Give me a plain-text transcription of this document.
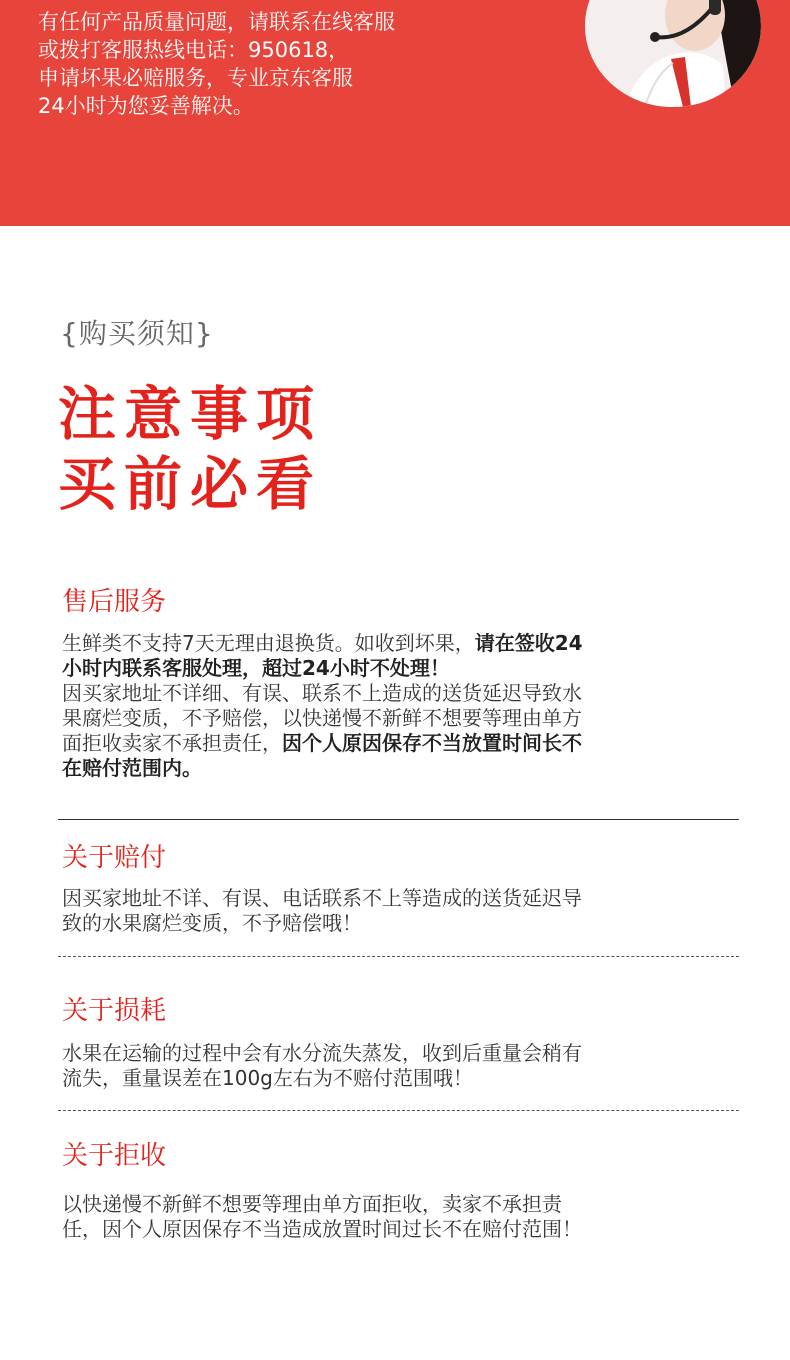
有任何产品质量问题，请联系在线客服
或拨打客服热线电话：950618，
申请坏果必赔服务，专业京东客服
24小时为您妥善解决。
{购买须知}
注意事项
买前必看
售后服务
生鲜类不支持7天无理由退换货。如收到坏果，请在签收24
小时内联系客服处理，超过24小时不处理！
因买家地址不详细、有误、联系不上造成的送货延迟导致水
果腐烂变质，不予赔偿，以快递慢不新鲜不想要等理由单方
面拒收卖家不承担责任，因个人原因保存不当放置时间长不
在赔付范围内。
关于赔付
因买家地址不详、有误、电话联系不上等造成的送货延迟导
致的水果腐烂变质，不予赔偿哦！
关于损耗
水果在运输的过程中会有水分流失蒸发，收到后重量会稍有
流失，重量误差在100g左右为不赔付范围哦！
关于拒收
以快递慢不新鲜不想要等理由单方面拒收，卖家不承担责
任，因个人原因保存不当造成放置时间过长不在赔付范围！
